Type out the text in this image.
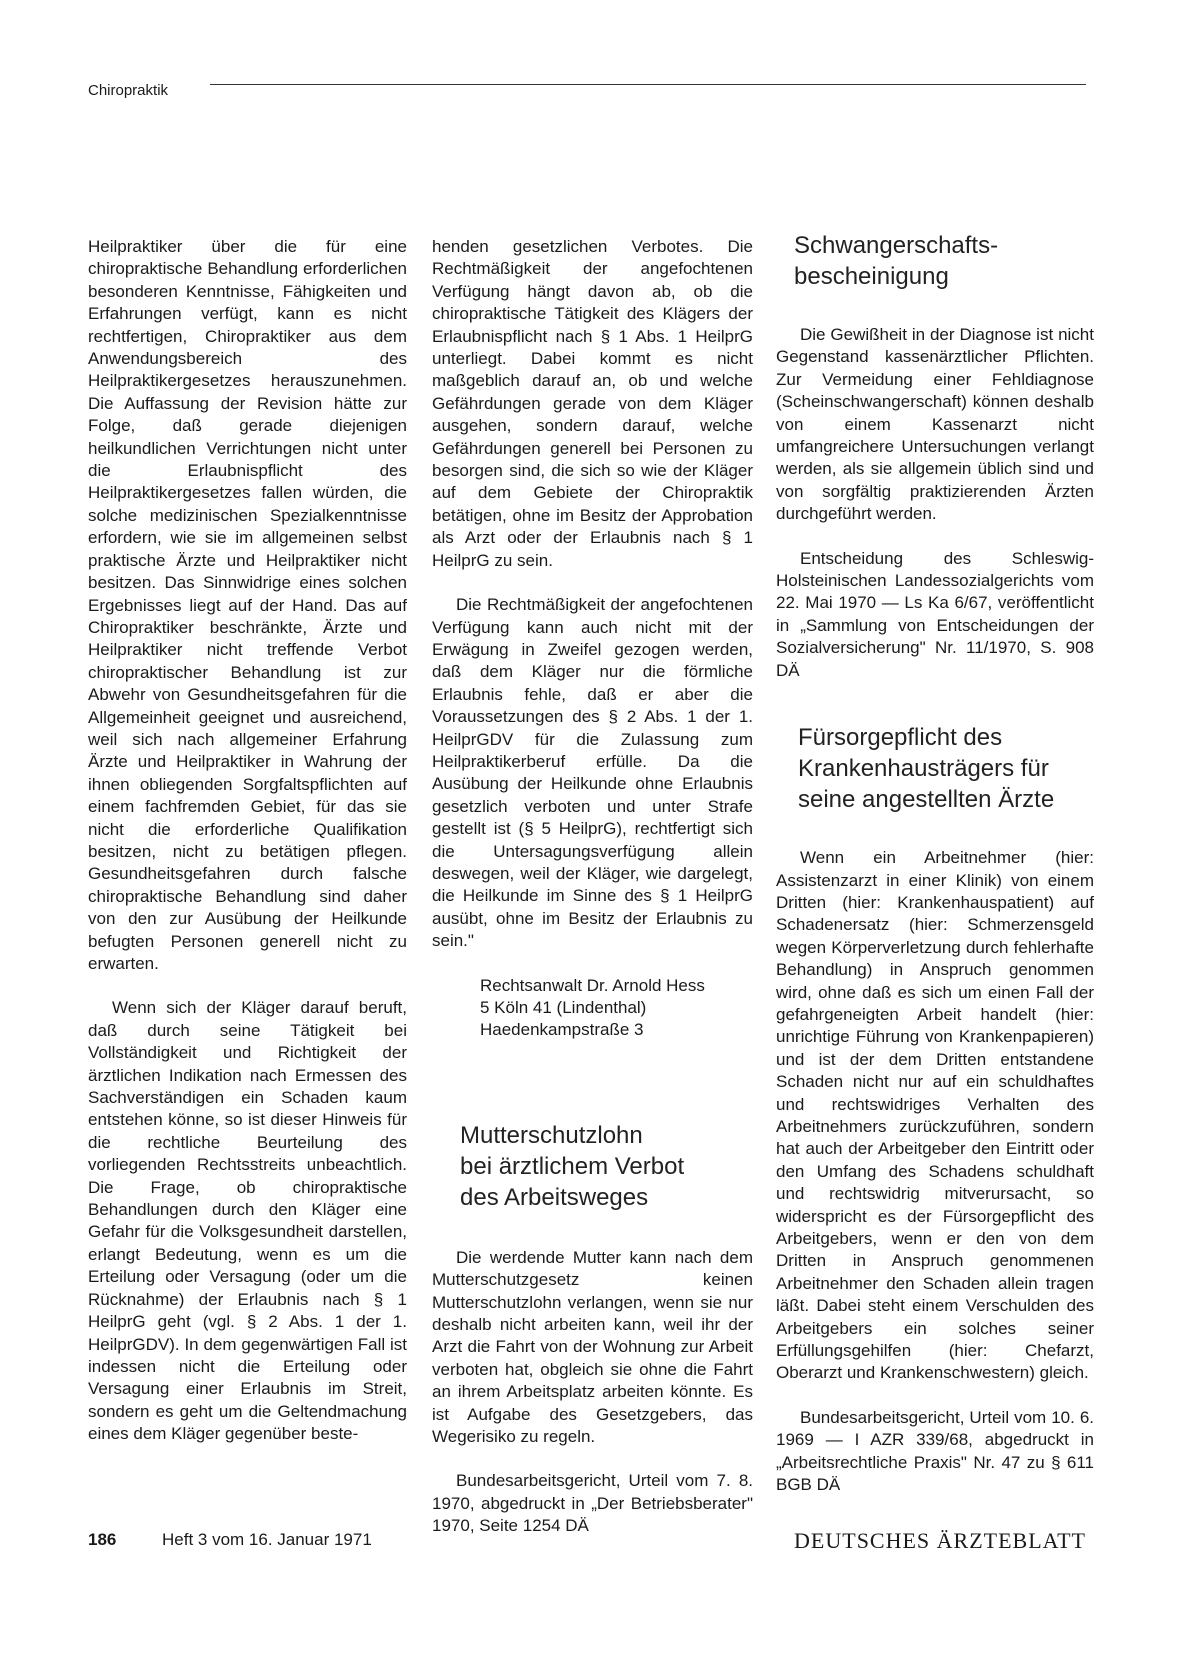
Chiropraktik

Heilpraktiker über die für eine chiropraktische Behandlung erforderlichen besonderen Kenntnisse, Fähigkeiten und Erfahrungen verfügt, kann es nicht rechtfertigen, Chiropraktiker aus dem Anwendungsbereich des Heilpraktikergesetzes herauszunehmen. Die Auffassung der Revision hätte zur Folge, daß gerade diejenigen heilkundlichen Verrichtungen nicht unter die Erlaubnispflicht des Heilpraktikergesetzes fallen würden, die solche medizinischen Spezialkenntnisse erfordern, wie sie im allgemeinen selbst praktische Ärzte und Heilpraktiker nicht besitzen. Das Sinnwidrige eines solchen Ergebnisses liegt auf der Hand. Das auf Chiropraktiker beschränkte, Ärzte und Heilpraktiker nicht treffende Verbot chiropraktischer Behandlung ist zur Abwehr von Gesundheitsgefahren für die Allgemeinheit geeignet und ausreichend, weil sich nach allgemeiner Erfahrung Ärzte und Heilpraktiker in Wahrung der ihnen obliegenden Sorgfaltspflichten auf einem fachfremden Gebiet, für das sie nicht die erforderliche Qualifikation besitzen, nicht zu betätigen pflegen. Gesundheitsgefahren durch falsche chiropraktische Behandlung sind daher von den zur Ausübung der Heilkunde befugten Personen generell nicht zu erwarten.

Wenn sich der Kläger darauf beruft, daß durch seine Tätigkeit bei Vollständigkeit und Richtigkeit der ärztlichen Indikation nach Ermessen des Sachverständigen ein Schaden kaum entstehen könne, so ist dieser Hinweis für die rechtliche Beurteilung des vorliegenden Rechtsstreits unbeachtlich. Die Frage, ob chiropraktische Behandlungen durch den Kläger eine Gefahr für die Volksgesundheit darstellen, erlangt Bedeutung, wenn es um die Erteilung oder Versagung (oder um die Rücknahme) der Erlaubnis nach § 1 HeilprG geht (vgl. § 2 Abs. 1 der 1. HeilprGDV). In dem gegenwärtigen Fall ist indessen nicht die Erteilung oder Versagung einer Erlaubnis im Streit, sondern es geht um die Geltendmachung eines dem Kläger gegenüber beste-

henden gesetzlichen Verbotes. Die Rechtmäßigkeit der angefochtenen Verfügung hängt davon ab, ob die chiropraktische Tätigkeit des Klägers der Erlaubnispflicht nach § 1 Abs. 1 HeilprG unterliegt. Dabei kommt es nicht maßgeblich darauf an, ob und welche Gefährdungen gerade von dem Kläger ausgehen, sondern darauf, welche Gefährdungen generell bei Personen zu besorgen sind, die sich so wie der Kläger auf dem Gebiete der Chiropraktik betätigen, ohne im Besitz der Approbation als Arzt oder der Erlaubnis nach § 1 HeilprG zu sein.

Die Rechtmäßigkeit der angefochtenen Verfügung kann auch nicht mit der Erwägung in Zweifel gezogen werden, daß dem Kläger nur die förmliche Erlaubnis fehle, daß er aber die Voraussetzungen des § 2 Abs. 1 der 1. HeilprGDV für die Zulassung zum Heilpraktikerberuf erfülle. Da die Ausübung der Heilkunde ohne Erlaubnis gesetzlich verboten und unter Strafe gestellt ist (§ 5 HeilprG), rechtfertigt sich die Untersagungsverfügung allein deswegen, weil der Kläger, wie dargelegt, die Heilkunde im Sinne des § 1 HeilprG ausübt, ohne im Besitz der Erlaubnis zu sein."

Rechtsanwalt Dr. Arnold Hess
5 Köln 41 (Lindenthal)
Haedenkampstraße 3

Mutterschutzlohn
bei ärztlichem Verbot
des Arbeitsweges

Die werdende Mutter kann nach dem Mutterschutzgesetz keinen Mutterschutzlohn verlangen, wenn sie nur deshalb nicht arbeiten kann, weil ihr der Arzt die Fahrt von der Wohnung zur Arbeit verboten hat, obgleich sie ohne die Fahrt an ihrem Arbeitsplatz arbeiten könnte. Es ist Aufgabe des Gesetzgebers, das Wegerisiko zu regeln.

Bundesarbeitsgericht, Urteil vom 7. 8. 1970, abgedruckt in „Der Betriebsberater" 1970, Seite 1254 DÄ

Schwangerschafts-
bescheinigung

Die Gewißheit in der Diagnose ist nicht Gegenstand kassenärztlicher Pflichten. Zur Vermeidung einer Fehldiagnose (Scheinschwangerschaft) können deshalb von einem Kassenarzt nicht umfangreichere Untersuchungen verlangt werden, als sie allgemein üblich sind und von sorgfältig praktizierenden Ärzten durchgeführt werden.

Entscheidung des Schleswig-Holsteinischen Landessozialgerichts vom 22. Mai 1970 — Ls Ka 6/67, veröffentlicht in „Sammlung von Entscheidungen der Sozialversicherung" Nr. 11/1970, S. 908 DÄ

Fürsorgepflicht des
Krankenhausträgers für
seine angestellten Ärzte

Wenn ein Arbeitnehmer (hier: Assistenzarzt in einer Klinik) von einem Dritten (hier: Krankenhauspatient) auf Schadenersatz (hier: Schmerzensgeld wegen Körperverletzung durch fehlerhafte Behandlung) in Anspruch genommen wird, ohne daß es sich um einen Fall der gefahrgeneigten Arbeit handelt (hier: unrichtige Führung von Krankenpapieren) und ist der dem Dritten entstandene Schaden nicht nur auf ein schuldhaftes und rechtswidriges Verhalten des Arbeitnehmers zurückzuführen, sondern hat auch der Arbeitgeber den Eintritt oder den Umfang des Schadens schuldhaft und rechtswidrig mitverursacht, so widerspricht es der Fürsorgepflicht des Arbeitgebers, wenn er den von dem Dritten in Anspruch genommenen Arbeitnehmer den Schaden allein tragen läßt. Dabei steht einem Verschulden des Arbeitgebers ein solches seiner Erfüllungsgehilfen (hier: Chefarzt, Oberarzt und Krankenschwestern) gleich.

Bundesarbeitsgericht, Urteil vom 10. 6. 1969 — I AZR 339/68, abgedruckt in „Arbeitsrechtliche Praxis" Nr. 47 zu § 611 BGB DÄ

186	Heft 3 vom 16. Januar 1971	DEUTSCHES ÄRZTEBLATT
